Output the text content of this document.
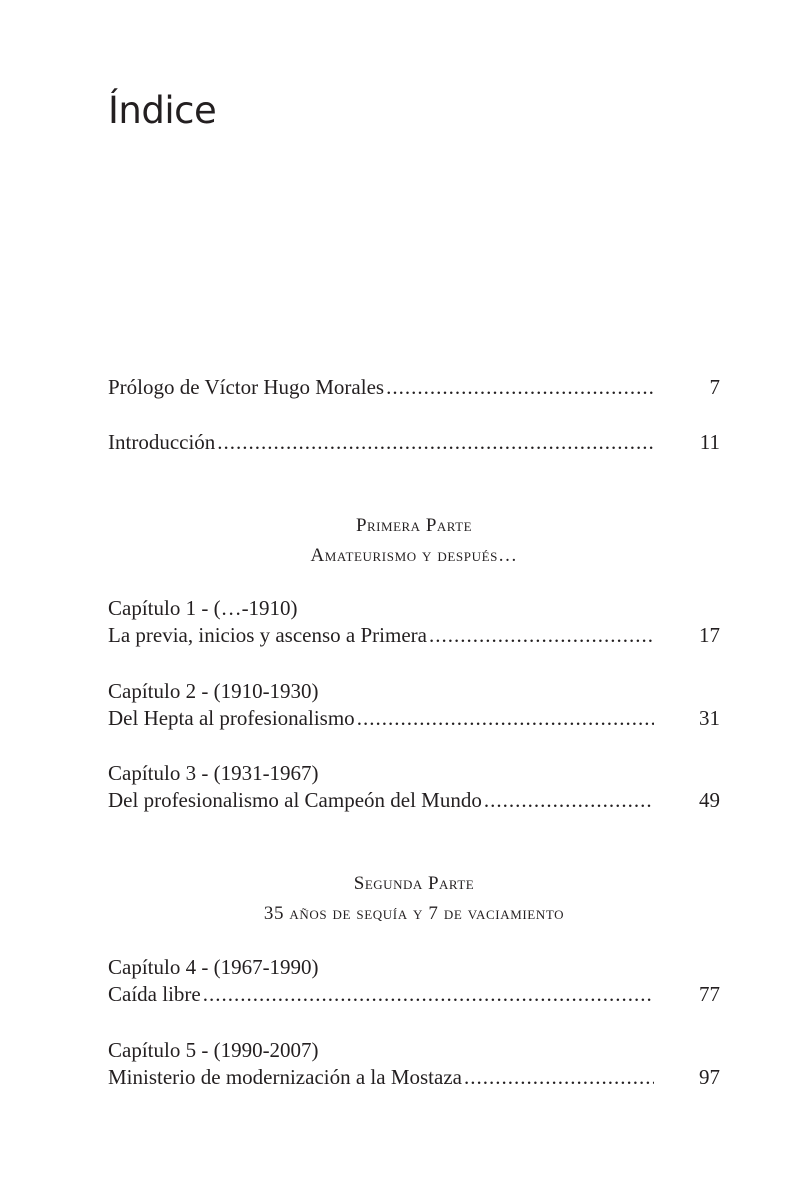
Índice
Prólogo de Víctor Hugo Morales .....	7
Introducción .....	11
Primera Parte
Amateurismo y después…
Capítulo 1 - (…-1910)
La previa, inicios y ascenso a Primera .....	17
Capítulo 2 - (1910-1930)
Del Hepta al profesionalismo .....	31
Capítulo 3 - (1931-1967)
Del profesionalismo al Campeón del Mundo .....	49
Segunda Parte
35 años de sequía y 7 de vaciamiento
Capítulo 4 - (1967-1990)
Caída libre .....	77
Capítulo 5 - (1990-2007)
Ministerio de modernización a la Mostaza .....	97
